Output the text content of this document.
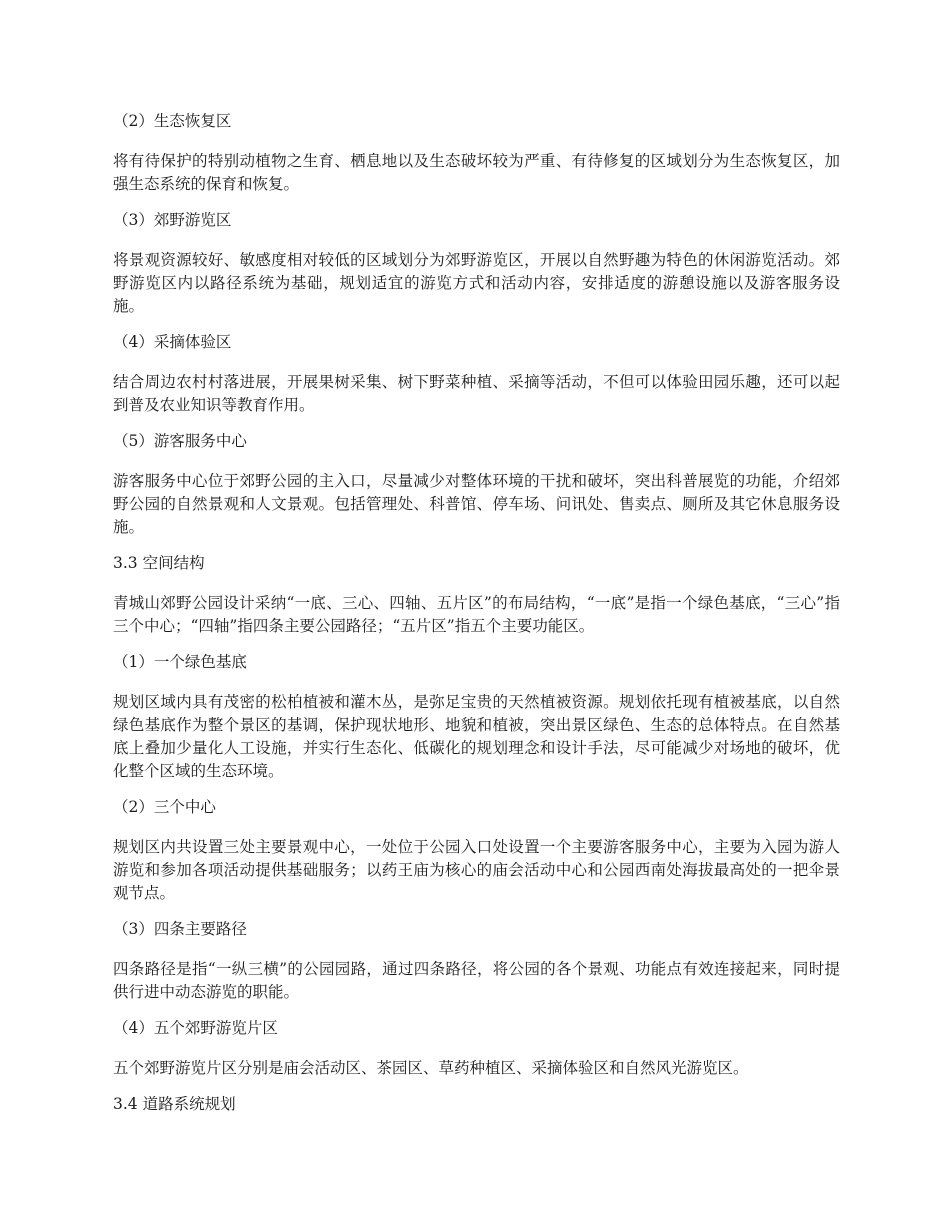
（2）生态恢复区
将有待保护的特别动植物之生育、栖息地以及生态破坏较为严重、有待修复的区域划分为生态恢复区，加强生态系统的保育和恢复。
（3）郊野游览区
将景观资源较好、敏感度相对较低的区域划分为郊野游览区，开展以自然野趣为特色的休闲游览活动。郊野游览区内以路径系统为基础，规划适宜的游览方式和活动内容，安排适度的游憩设施以及游客服务设施。
（4）采摘体验区
结合周边农村村落进展，开展果树采集、树下野菜种植、采摘等活动，不但可以体验田园乐趣，还可以起到普及农业知识等教育作用。
（5）游客服务中心
游客服务中心位于郊野公园的主入口，尽量减少对整体环境的干扰和破坏，突出科普展览的功能，介绍郊野公园的自然景观和人文景观。包括管理处、科普馆、停车场、问讯处、售卖点、厕所及其它休息服务设施。
3.3 空间结构
青城山郊野公园设计采纳“一底、三心、四轴、五片区”的布局结构，“一底”是指一个绿色基底，“三心”指三个中心；“四轴”指四条主要公园路径；“五片区”指五个主要功能区。
（1）一个绿色基底
规划区域内具有茂密的松柏植被和灌木丛，是弥足宝贵的天然植被资源。规划依托现有植被基底，以自然绿色基底作为整个景区的基调，保护现状地形、地貌和植被，突出景区绿色、生态的总体特点。在自然基底上叠加少量化人工设施，并实行生态化、低碳化的规划理念和设计手法，尽可能减少对场地的破坏，优化整个区域的生态环境。
（2）三个中心
规划区内共设置三处主要景观中心，一处位于公园入口处设置一个主要游客服务中心，主要为入园为游人游览和参加各项活动提供基础服务；以药王庙为核心的庙会活动中心和公园西南处海拔最高处的一把伞景观节点。
（3）四条主要路径
四条路径是指“一纵三横”的公园园路，通过四条路径，将公园的各个景观、功能点有效连接起来，同时提供行进中动态游览的职能。
（4）五个郊野游览片区
五个郊野游览片区分别是庙会活动区、茶园区、草药种植区、采摘体验区和自然风光游览区。
3.4 道路系统规划
